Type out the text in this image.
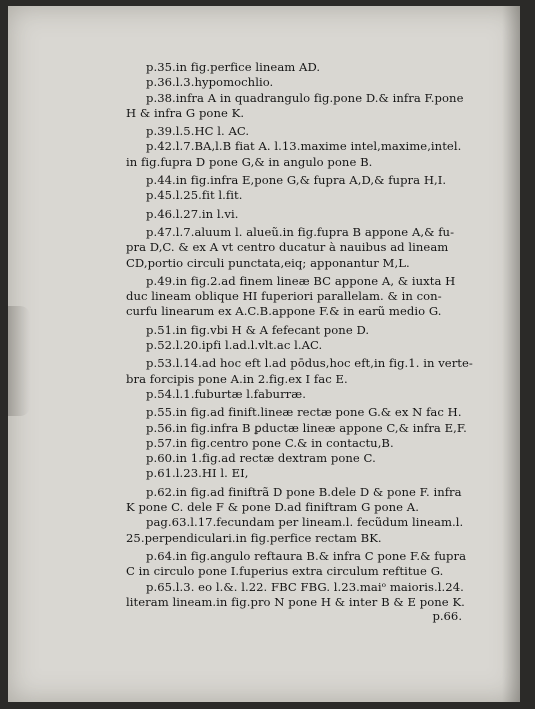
p.35.in fig.perfice lineam AD.
p.36.l.3.hypomochlio.
p.38.infra A in quadrangulo fig.pone D.& infra F.pone
H & infra G pone K.
p.39.l.5.HC l. AC.
p.42.l.7.BA,l.B fiat A. l.13.maxime intel,maxime,intel.
in fig.fupra D pone G,& in angulo pone B.
p.44.in fig.infra E,pone G,& fupra A,D,& fupra H,I.
p.45.l.25.fit l.fit.
p.46.l.27.in l.vi.
p.47.l.7.aluum l. alueũ.in fig.fupra B appone A,& fu-
pra D,C. & ex A vt centro ducatur à nauibus ad lineam
CD,portio circuli punctata,eiq; apponantur M,L.
p.49.in fig.2.ad finem lineæ BC appone A, & iuxta H
duc lineam oblique HI fuperiori parallelam. & in con-
curfu linearum ex A.C.B.appone F.& in earũ medio G.
p.51.in fig.vbi H & A fefecant pone D.
p.52.l.20.ipfi l.ad.l.vlt.ac l.AC.
p.53.l.14.ad hoc eft l.ad pōdus,hoc eft,in fig.1. in verte-
bra forcipis pone A.in 2.fig.ex I fac E.
p.54.l.1.fuburtæ l.faburræ.
p.55.in fig.ad finift.lineæ rectæ pone G.& ex N fac H.
p.56.in fig.infra B ꝑductæ lineæ appone C,& infra E,F.
p.57.in fig.centro pone C.& in contactu,B.
p.60.in 1.fig.ad rectæ dextram pone C.
p.61.l.23.HI l. EI,
p.62.in fig.ad finiftrã D pone B.dele D & pone F. infra
K pone C. dele F & pone D.ad finiftram G pone A.
pag.63.l.17.fecundam per lineam.l. fecũdum lineam.l.
25.perpendiculari.in fig.perfice rectam BK.
p.64.in fig.angulo reftaura B.& infra C pone F.& fupra
C in circulo pone I.fuperius extra circulum reftitue G.
p.65.l.3. eo l.&. l.22. FBC FBG. l.23.maiᵒ maioris.l.24.
literam lineam.in fig.pro N pone H & inter B & E pone K.
p.66.
